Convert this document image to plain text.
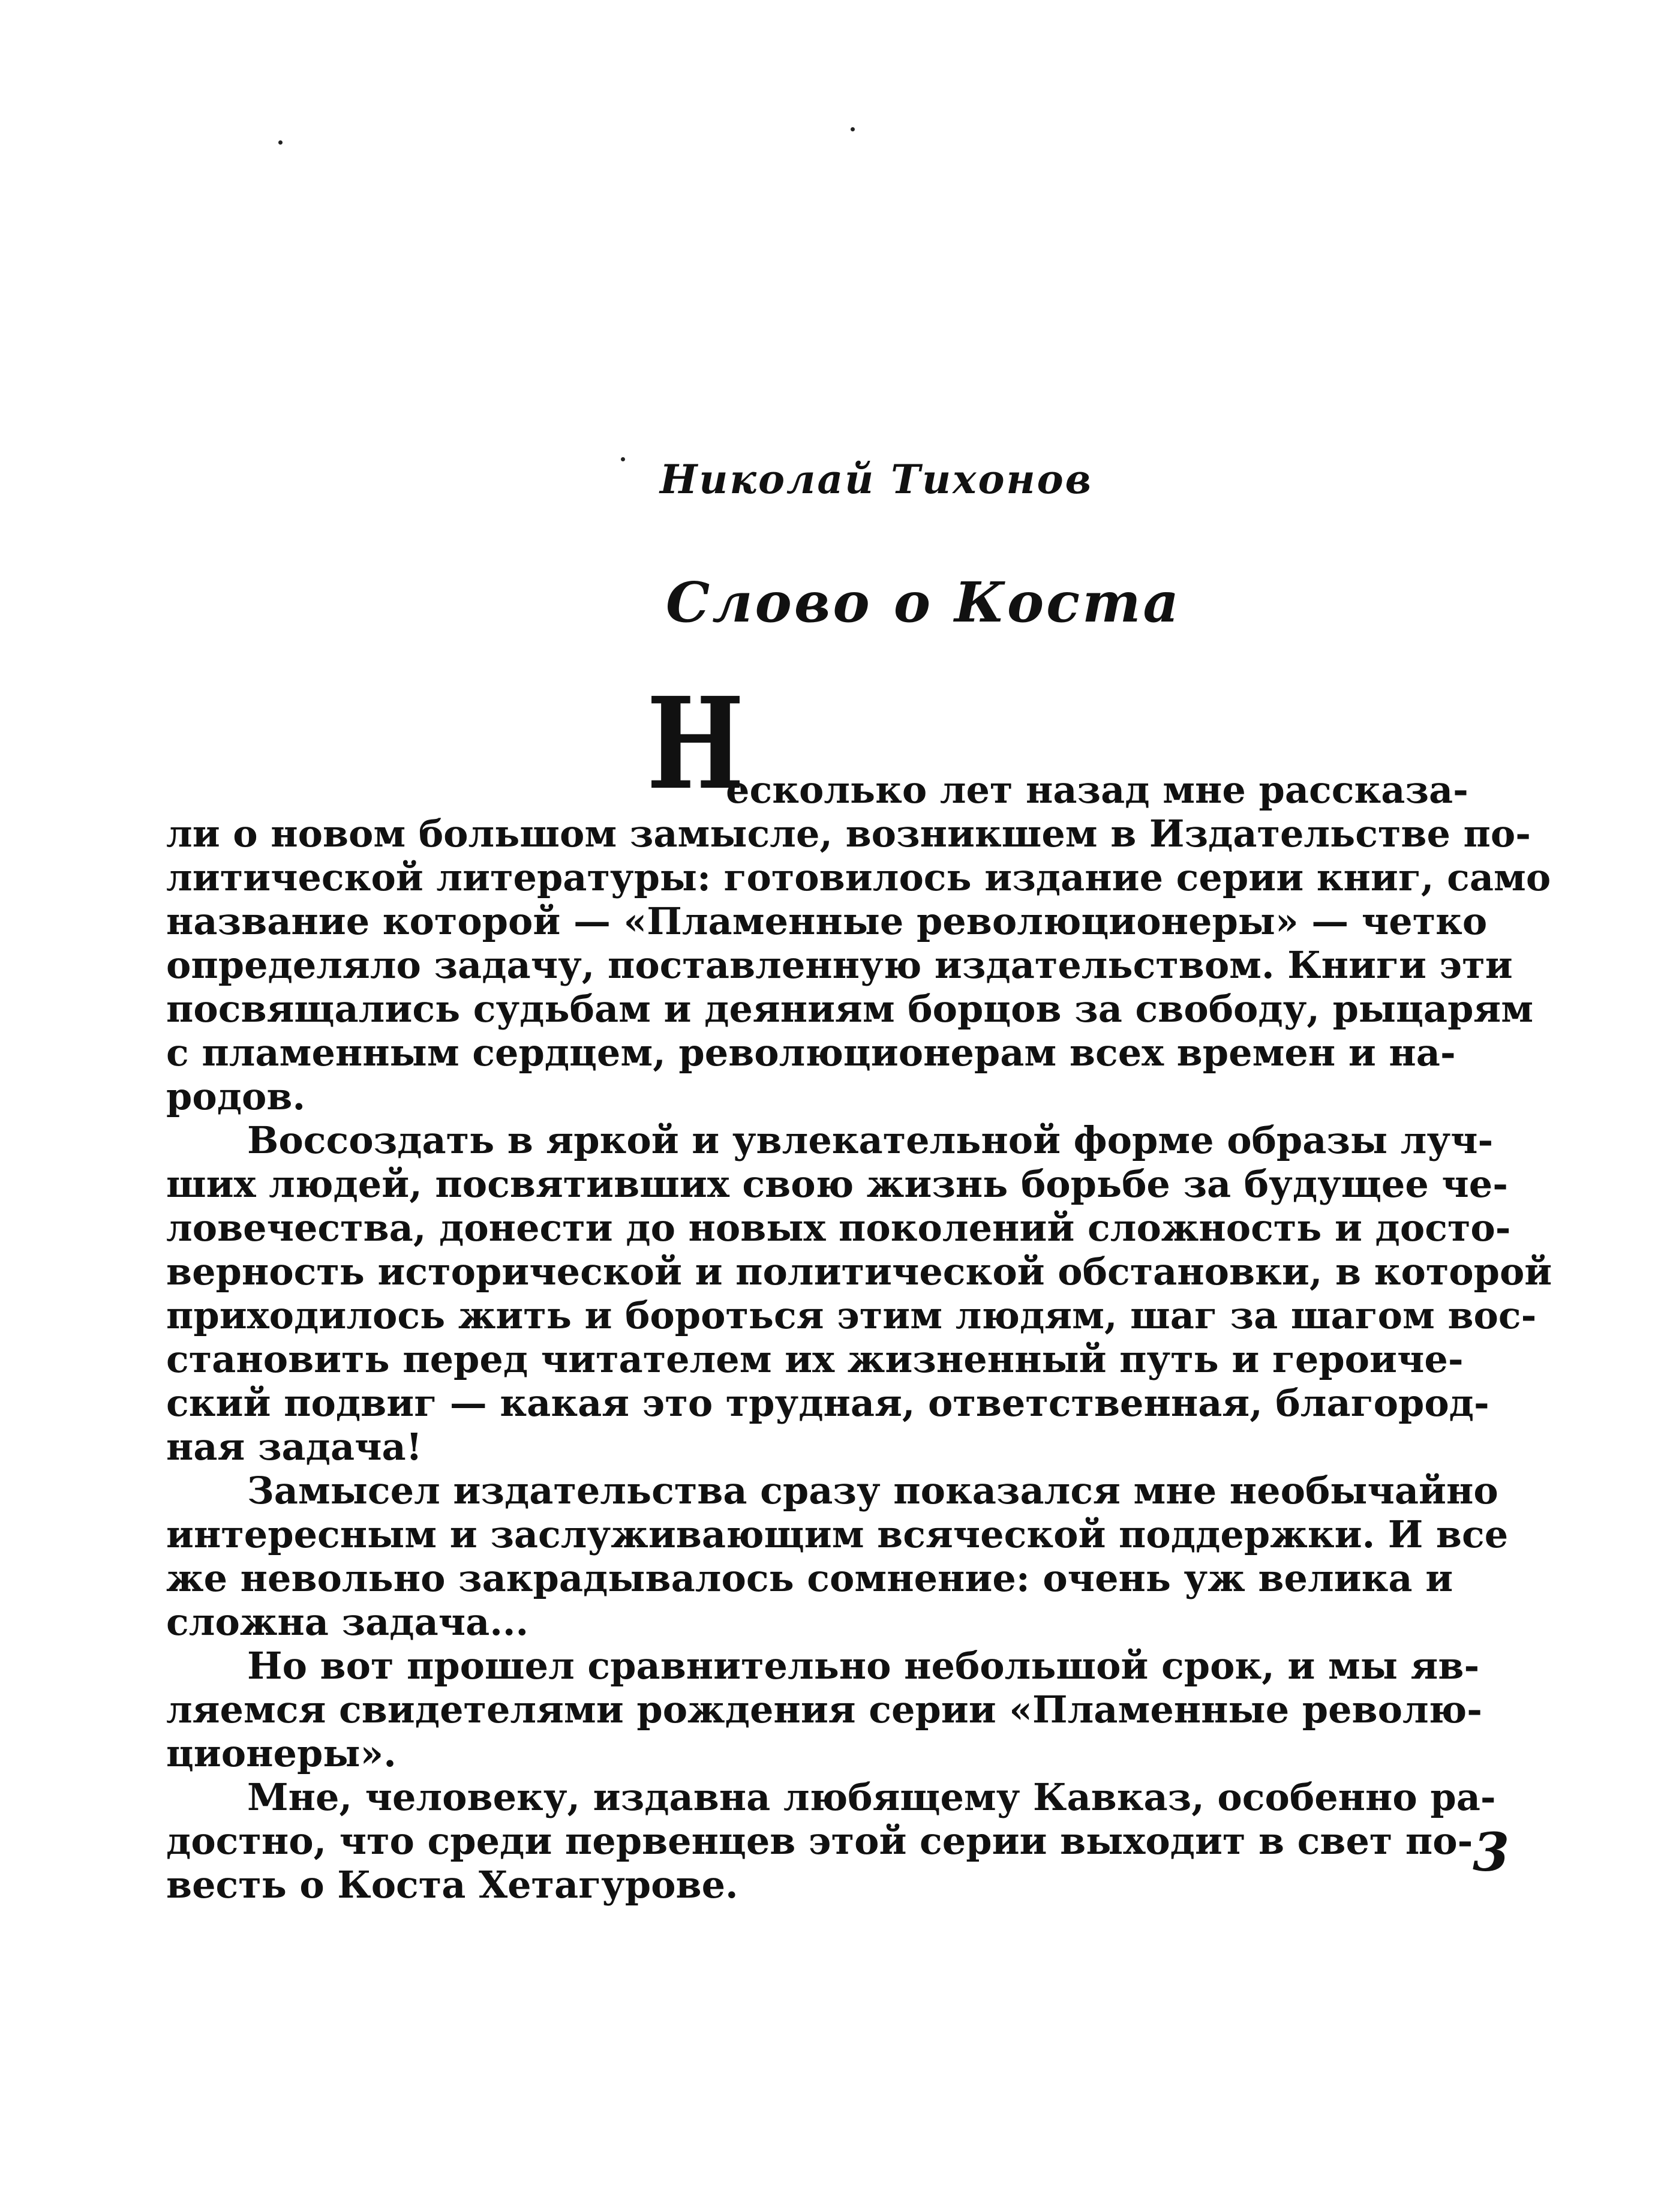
Николай Тихонов
Слово о Коста
Н
есколько лет назад мне рассказа-
ли о новом большом замысле, возникшем в Издательстве по-
литической литературы: готовилось издание серии книг, само
название которой — «Пламенные революционеры» — четко
определяло задачу, поставленную издательством. Книги эти
посвящались судьбам и деяниям борцов за свободу, рыцарям
с пламенным сердцем, революционерам всех времен и на-
родов.
Воссоздать в яркой и увлекательной форме образы луч-
ших людей, посвятивших свою жизнь борьбе за будущее че-
ловечества, донести до новых поколений сложность и досто-
верность исторической и политической обстановки, в которой
приходилось жить и бороться этим людям, шаг за шагом вос-
становить перед читателем их жизненный путь и героиче-
ский подвиг — какая это трудная, ответственная, благород-
ная задача!
Замысел издательства сразу показался мне необычайно
интересным и заслуживающим всяческой поддержки. И все
же невольно закрадывалось сомнение: очень уж велика и
сложна задача...
Но вот прошел сравнительно небольшой срок, и мы яв-
ляемся свидетелями рождения серии «Пламенные револю-
ционеры».
Мне, человеку, издавна любящему Кавказ, особенно ра-
достно, что среди первенцев этой серии выходит в свет по-
весть о Коста Хетагурове.
3
